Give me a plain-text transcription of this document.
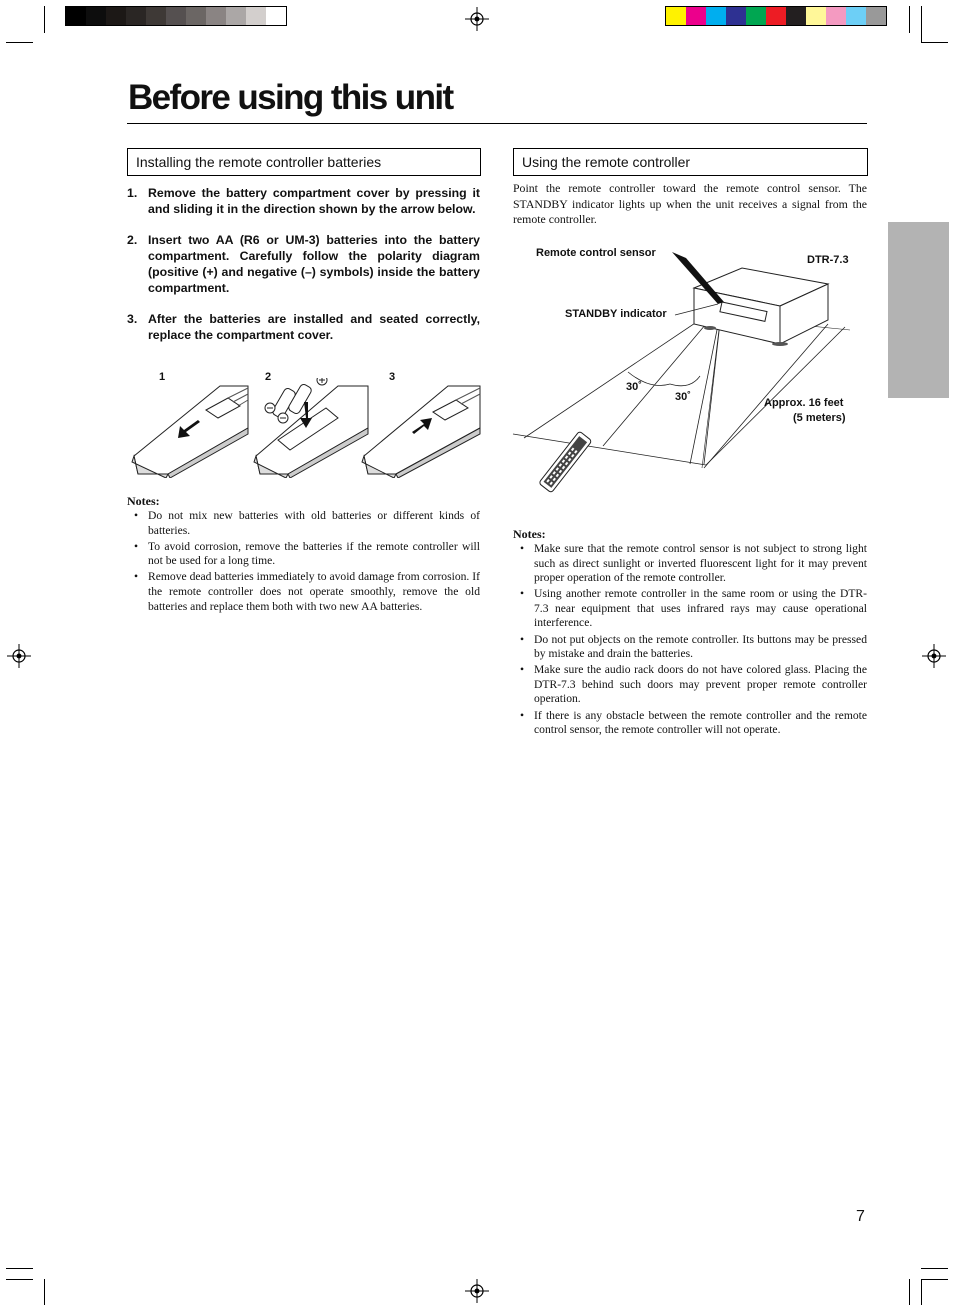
Before using this unit
Installing the remote controller batteries
1. Remove the battery compartment cover by pressing it and sliding it in the direction shown by the arrow below.
2. Insert two AA (R6 or UM-3) batteries into the battery compartment. Carefully follow the polarity diagram (positive (+) and negative (–) symbols) inside the battery compartment.
3. After the batteries are installed and seated correctly, replace the compartment cover.
1	2	3
Notes:
• Do not mix new batteries with old batteries or different kinds of batteries.
• To avoid corrosion, remove the batteries if the remote controller will not be used for a long time.
• Remove dead batteries immediately to avoid damage from corrosion. If the remote controller does not operate smoothly, remove the old batteries and replace them both with two new AA batteries.
Using the remote controller
Point the remote controller toward the remote control sensor. The STANDBY indicator lights up when the unit receives a signal from the remote controller.
Remote control sensor
DTR-7.3
STANDBY indicator
30˚
30˚	Approx. 16 feet
(5 meters)
Notes:
• Make sure that the remote control sensor is not subject to strong light such as direct sunlight or inverted fluorescent light for it may prevent proper operation of the remote controller.
• Using another remote controller in the same room or using the DTR-7.3 near equipment that uses infrared rays may cause operational interference.
• Do not put objects on the remote controller. Its buttons may be pressed by mistake and drain the batteries.
• Make sure the audio rack doors do not have colored glass. Placing the DTR-7.3 behind such doors may prevent proper remote controller operation.
• If there is any obstacle between the remote controller and the remote control sensor, the remote controller will not operate.
7
